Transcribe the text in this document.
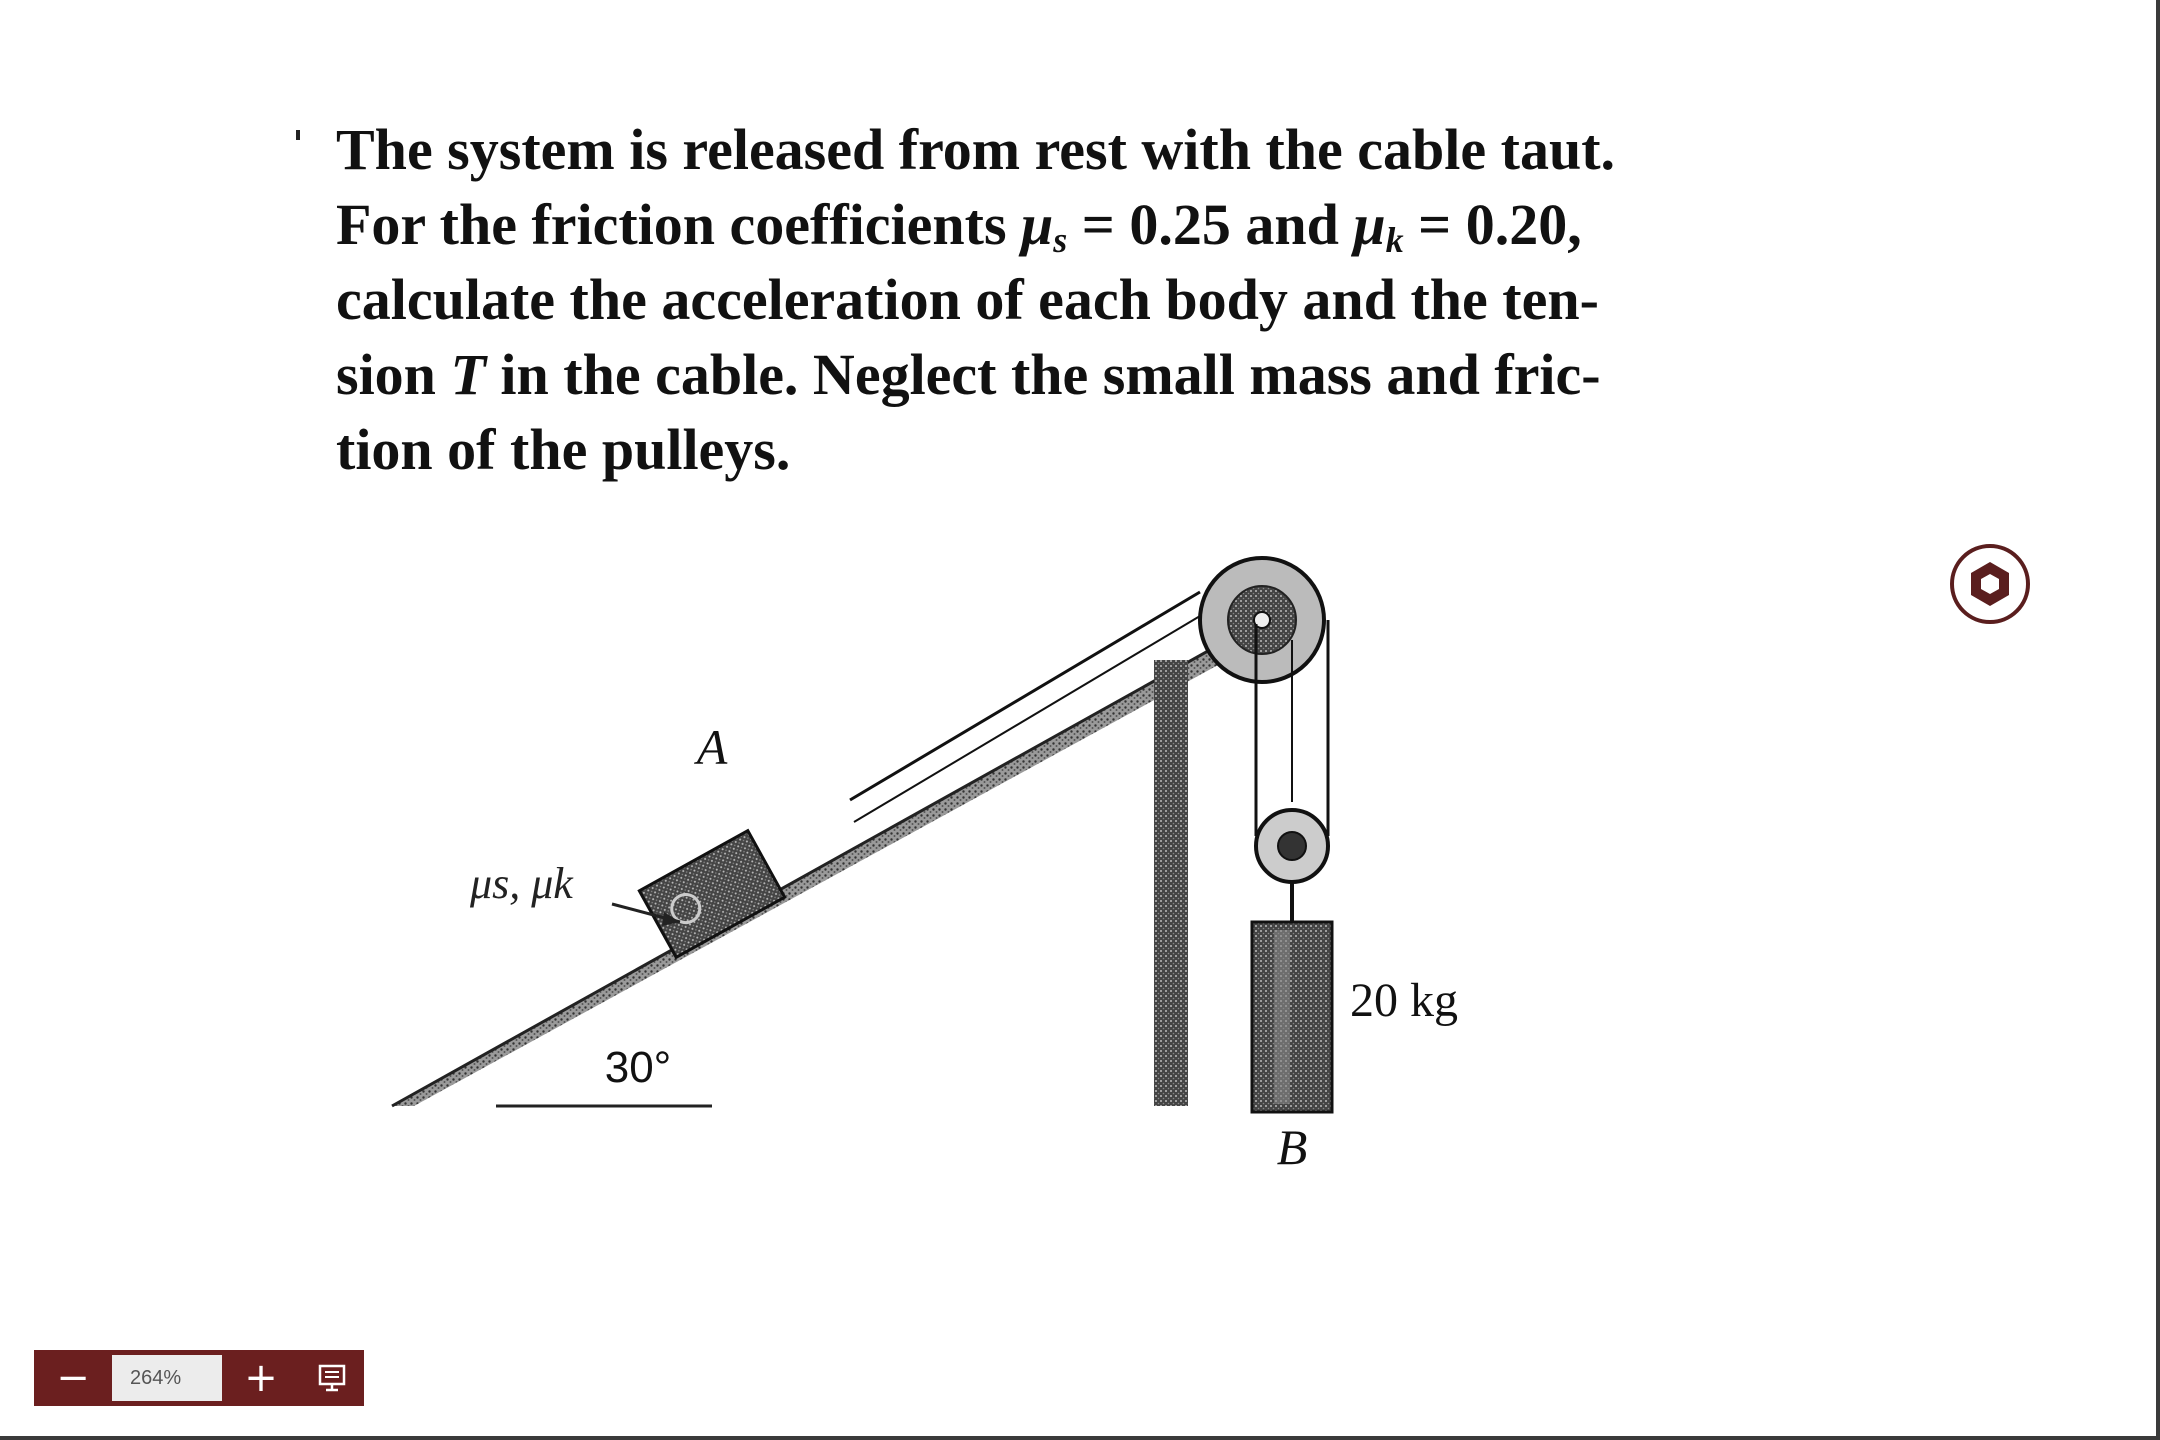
The system is released from rest with the cable taut.
For the friction coefficients $\mu_s = 0.25$ and $\mu_k = 0.20$,
calculate the acceleration of each body and the ten-
sion T in the cable. Neglect the small mass and fric-
tion of the pulleys.
30°
A
μs, μk
B
20 kg
−
264%	+
